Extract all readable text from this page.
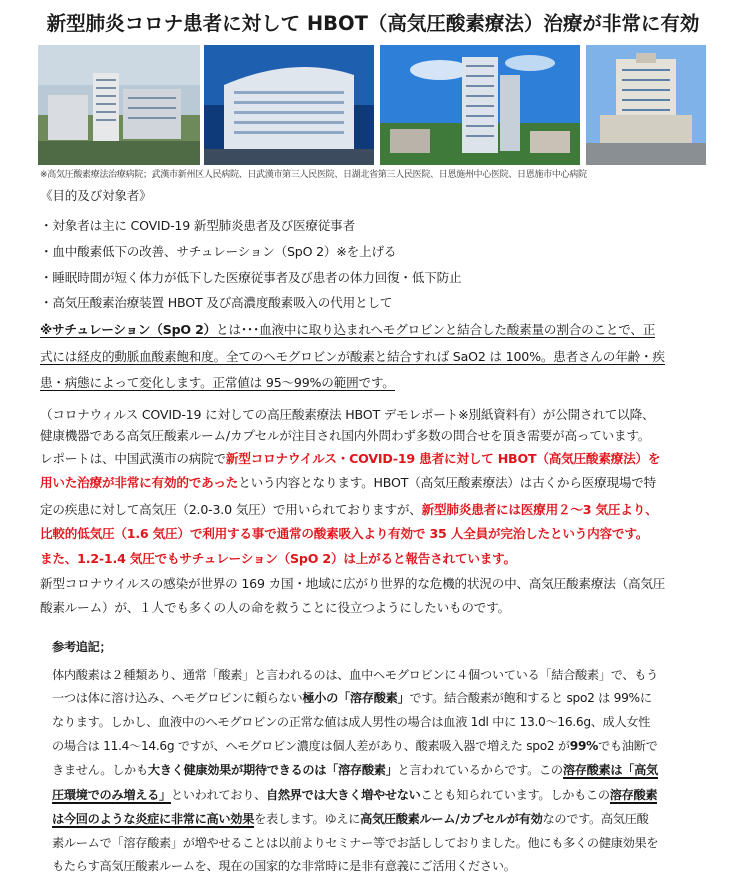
新型肺炎コロナ患者に対して HBOT（高気圧酸素療法）治療が非常に有効
※高気圧酸素療法治療病院；武漢市新州区人民病院、日武漢市第三人民医院、日湖北省第三人民医院、日恩施州中心医院、日恩施市中心病院
《目的及び対象者》
・対象者は主に COVID-19 新型肺炎患者及び医療従事者
・血中酸素低下の改善、サチュレーション（SpO 2）※を上げる
・睡眠時間が短く体力が低下した医療従事者及び患者の体力回復・低下防止
・高気圧酸素治療装置 HBOT 及び高濃度酸素吸入の代用として
※サチュレーション（SpO 2）とは･･･血液中に取り込まれヘモグロビンと結合した酸素量の割合のことで、正
式には経皮的動脈血酸素飽和度。全てのヘモグロビンが酸素と結合すれば SaO2 は 100%。患者さんの年齢・疾
患・病態によって変化します。正常値は 95～99%の範囲です。
（コロナウィルス COVID-19 に対しての高圧酸素療法 HBOT デモレポート※別紙資料有）が公開されて以降、
健康機器である高気圧酸素ルーム/カプセルが注目され国内外問わず多数の問合せを頂き需要が高っています。
レポートは、中国武漢市の病院で新型コロナウイルス・COVID-19 患者に対して HBOT（高気圧酸素療法）を
用いた治療が非常に有効的であったという内容となります。HBOT（高気圧酸素療法）は古くから医療現場で特
定の疾患に対して高気圧（2.0-3.0 気圧）で用いられておりますが、新型肺炎患者には医療用２～3 気圧より、
比較的低気圧（1.6 気圧）で利用する事で通常の酸素吸入より有効で 35 人全員が完治したという内容です。
また、1.2-1.4 気圧でもサチュレーション（SpO 2）は上がると報告されています。
新型コロナウイルスの感染が世界の 169 カ国・地域に広がり世界的な危機的状況の中、高気圧酸素療法（高気圧
酸素ルーム）が、１人でも多くの人の命を救うことに役立つようにしたいものです。
参考追記；
体内酸素は２種類あり、通常「酸素」と言われるのは、血中ヘモグロビンに４個ついている「結合酸素」で、もう
一つは体に溶け込み、ヘモグロビンに頼らない極小の「溶存酸素」です。結合酸素が飽和すると spo2 は 99%に
なります。しかし、血液中のヘモグロビンの正常な値は成人男性の場合は血液 1dl 中に 13.0～16.6g、成人女性
の場合は 11.4～14.6g ですが、ヘモグロビン濃度は個人差があり、酸素吸入器で増えた spo2 が99%でも油断で
きません。しかも大きく健康効果が期待できるのは「溶存酸素」と言われているからです。この溶存酸素は「高気
圧環境でのみ増える」といわれており、自然界では大きく増やせないことも知られています。しかもこの溶存酸素
は今回のような炎症に非常に高い効果を表します。ゆえに高気圧酸素ルーム/カプセルが有効なのです。高気圧酸
素ルームで「溶存酸素」が増やせることは以前よりセミナー等でお話ししておりました。他にも多くの健康効果を
もたらす高気圧酸素ルームを、現在の国家的な非常時に是非有意義にご活用ください。
